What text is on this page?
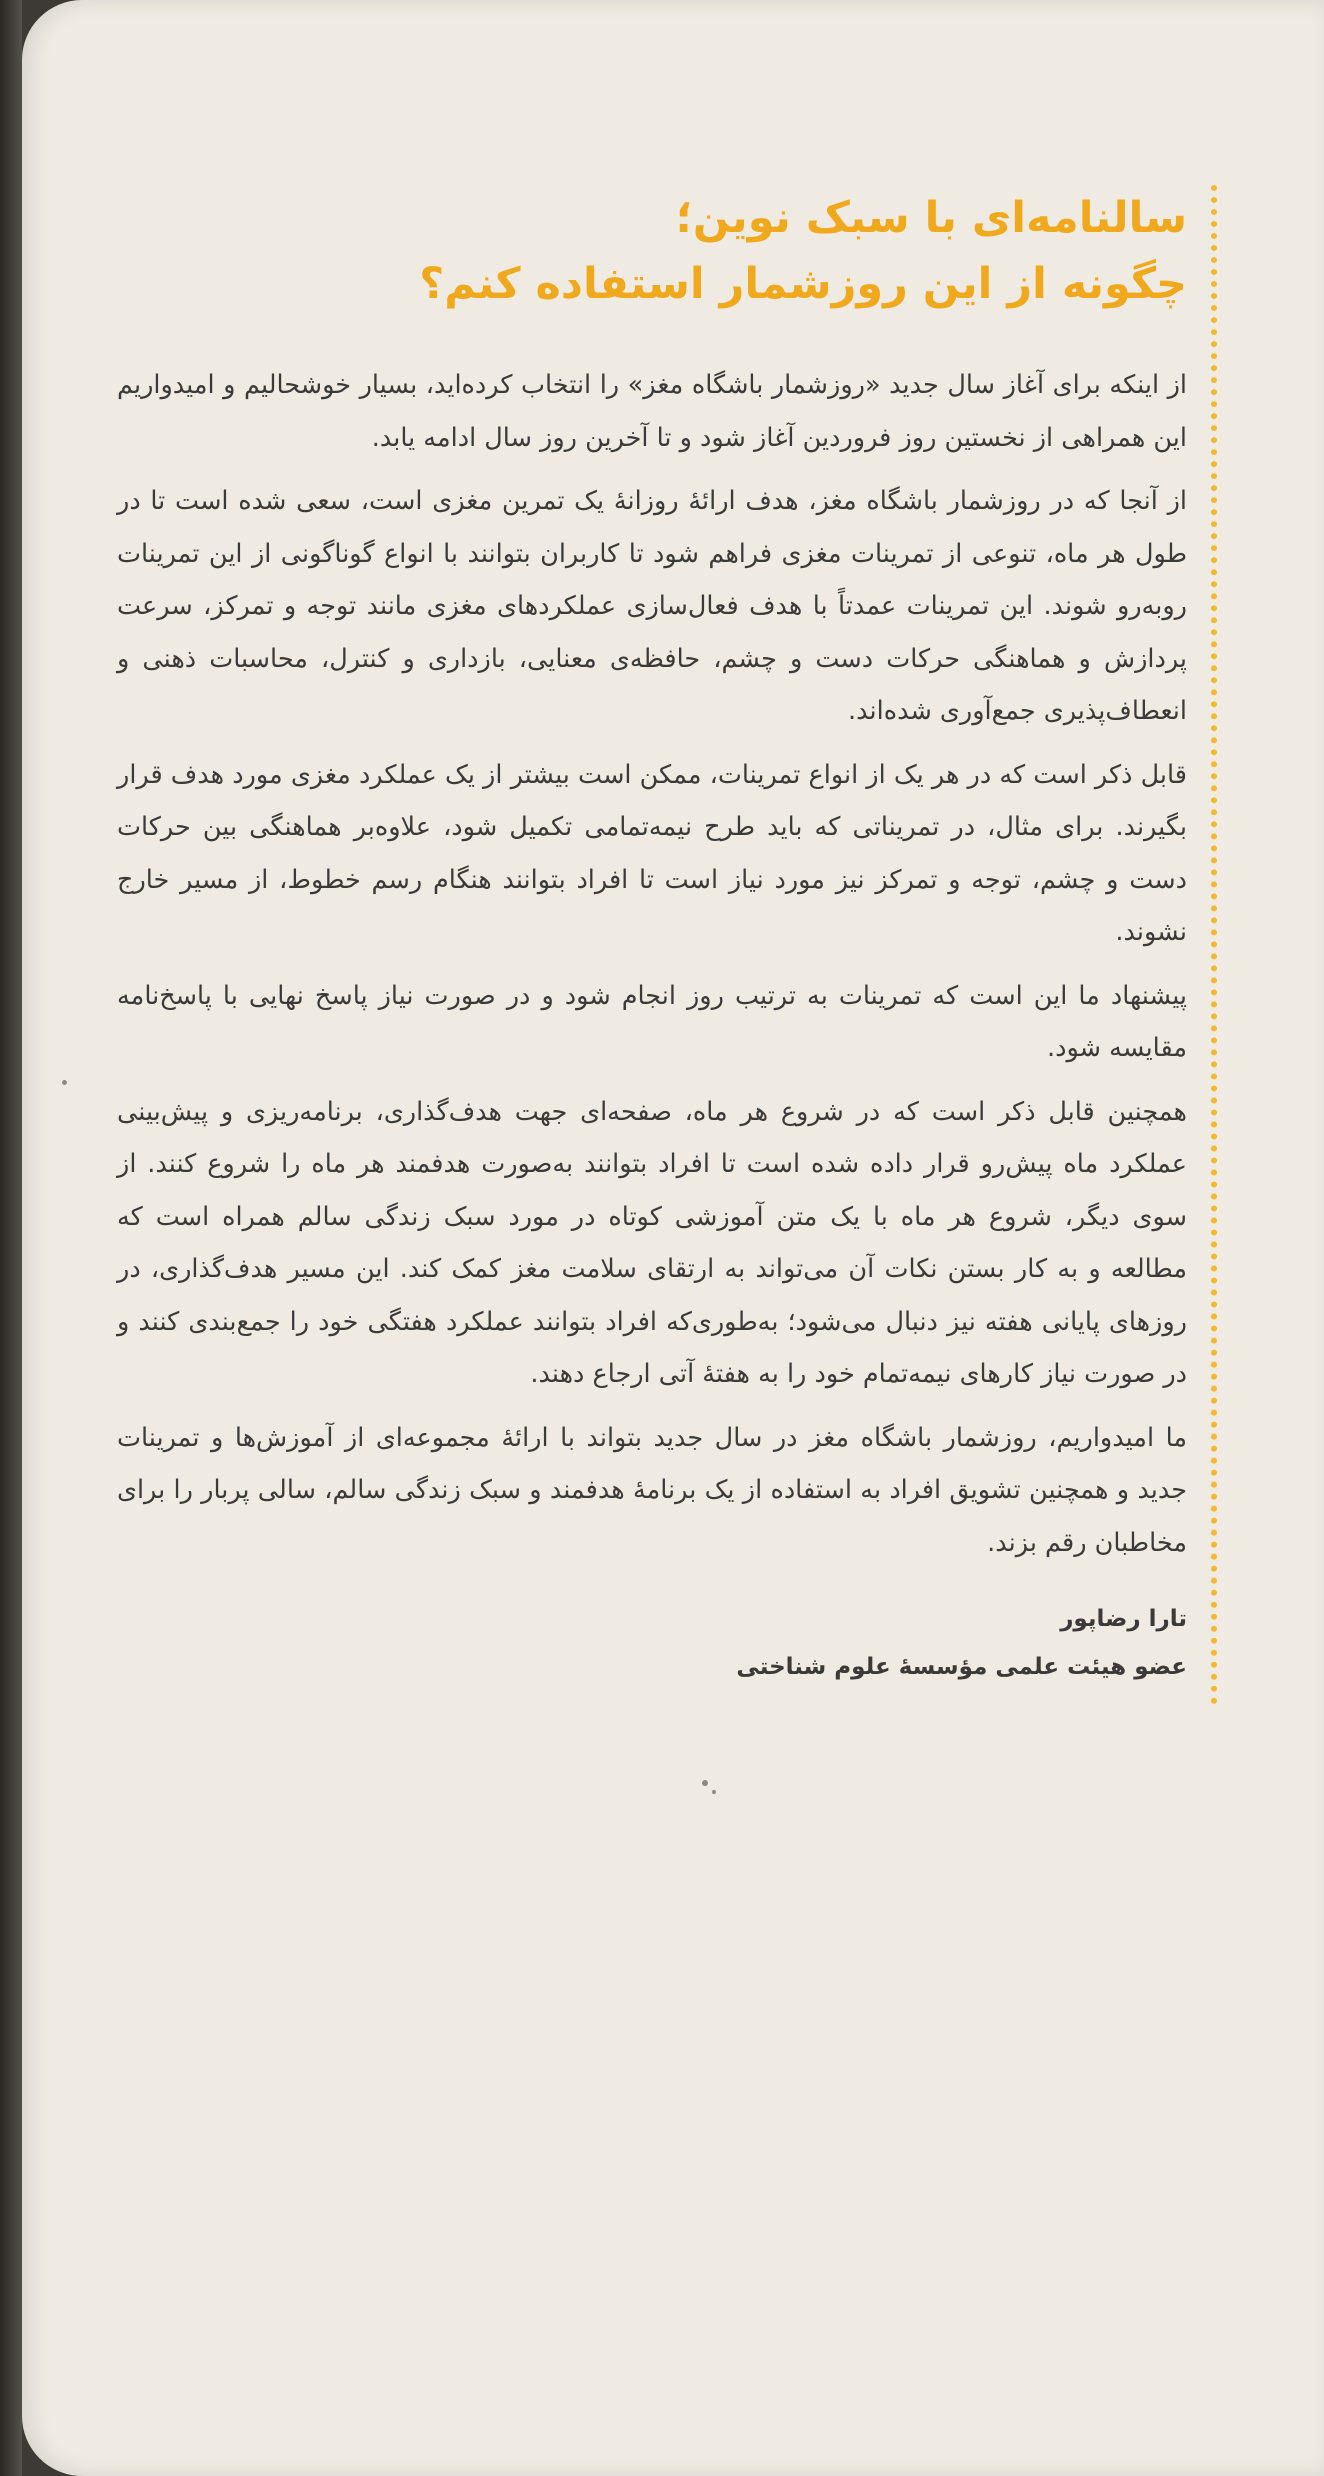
سالنامه‌ای با سبک نوین؛
چگونه از این روزشمار استفاده کنم؟

از اینکه برای آغاز سال جدید «روزشمار باشگاه مغز» را انتخاب کرده‌اید، بسیار خوشحالیم و امیدواریم این همراهی از نخستین روز فروردین آغاز شود و تا آخرین روز سال ادامه یابد.

از آنجا که در روزشمار باشگاه مغز، هدف ارائۀ روزانۀ یک تمرین مغزی است، سعی شده است تا در طول هر ماه، تنوعی از تمرینات مغزی فراهم شود تا کاربران بتوانند با انواع گوناگونی از این تمرینات روبه‌رو شوند. این تمرینات عمدتاً با هدف فعال‌سازی عملکردهای مغزی مانند توجه و تمرکز، سرعت پردازش و هماهنگی حرکات دست و چشم، حافظه‌ی معنایی، بازداری و کنترل، محاسبات ذهنی و انعطاف‌پذیری جمع‌آوری شده‌اند.

قابل ذکر است که در هر یک از انواع تمرینات، ممکن است بیشتر از یک عملکرد مغزی مورد هدف قرار بگیرند. برای مثال، در تمریناتی که باید طرح نیمه‌تمامی تکمیل شود، علاوه‌بر هماهنگی بین حرکات دست و چشم، توجه و تمرکز نیز مورد نیاز است تا افراد بتوانند هنگام رسم خطوط، از مسیر خارج نشوند.

پیشنهاد ما این است که تمرینات به ترتیب روز انجام شود و در صورت نیاز پاسخ نهایی با پاسخ‌نامه مقایسه شود.

همچنین قابل ذکر است که در شروع هر ماه، صفحه‌ای جهت هدف‌گذاری، برنامه‌ریزی و پیش‌بینی عملکرد ماه پیش‌رو قرار داده شده است تا افراد بتوانند به‌صورت هدفمند هر ماه را شروع کنند. از سوی دیگر، شروع هر ماه با یک متن آموزشی کوتاه در مورد سبک زندگی سالم همراه است که مطالعه و به کار بستن نکات آن می‌تواند به ارتقای سلامت مغز کمک کند. این مسیر هدف‌گذاری، در روزهای پایانی هفته نیز دنبال می‌شود؛ به‌طوری‌که افراد بتوانند عملکرد هفتگی خود را جمع‌بندی کنند و در صورت نیاز کارهای نیمه‌تمام خود را به هفتۀ آتی ارجاع دهند.

ما امیدواریم، روزشمار باشگاه مغز در سال جدید بتواند با ارائۀ مجموعه‌ای از آموزش‌ها و تمرینات جدید و همچنین تشویق افراد به استفاده از یک برنامۀ هدفمند و سبک زندگی سالم، سالی پربار را برای مخاطبان رقم بزند.

تارا رضاپور
عضو هیئت علمی مؤسسۀ علوم شناختی
